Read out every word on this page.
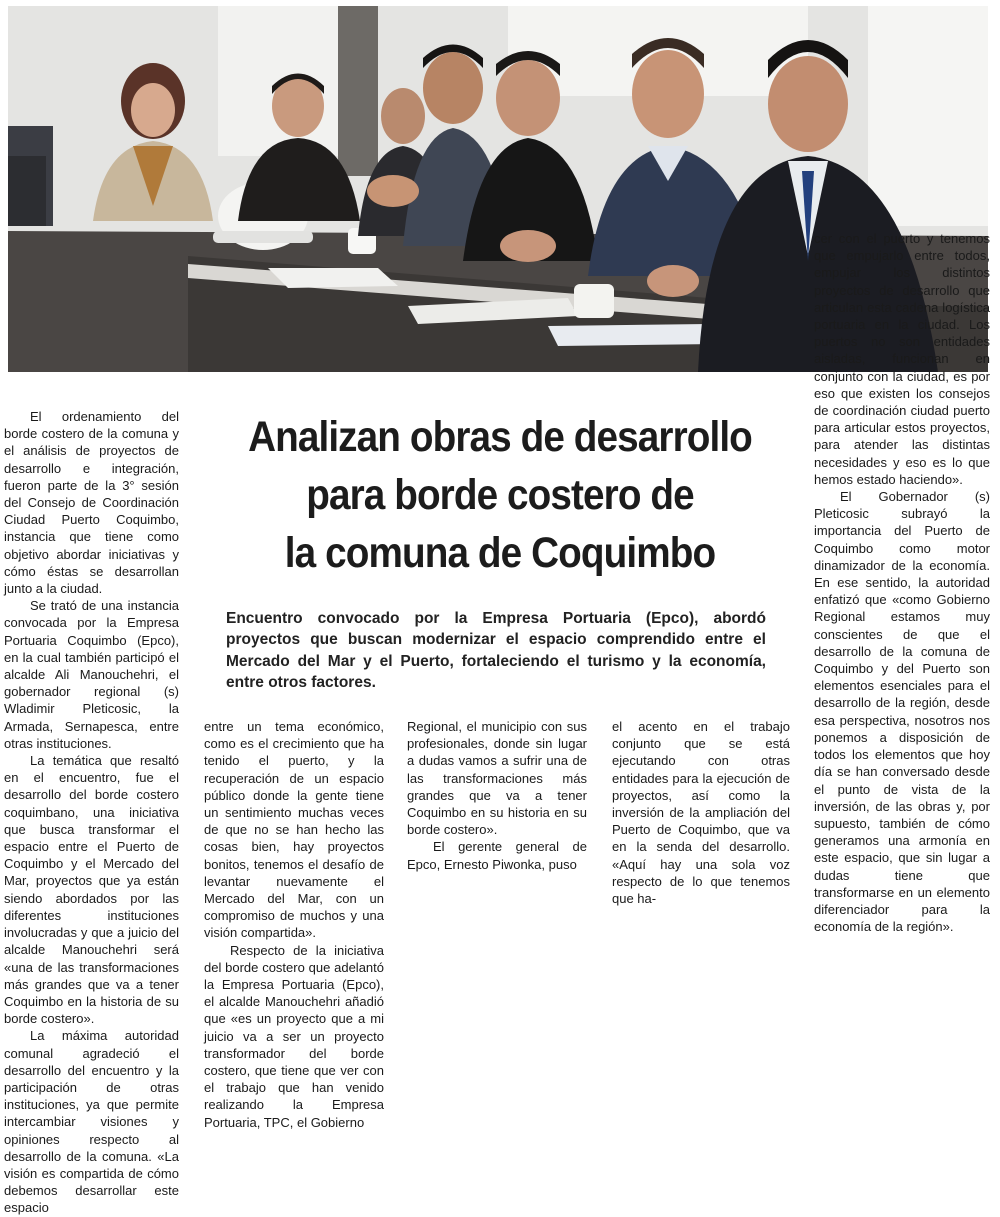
Analizan obras de desarrollo
para borde costero de
la comuna de Coquimbo
Encuentro convocado por la Empresa Portuaria (Epco), abordó proyectos que buscan modernizar el espacio comprendido entre el Mercado del Mar y el Puerto, fortaleciendo el turismo y la economía, entre otros factores.

El ordenamiento del borde costero de la comuna y el análisis de proyectos de desarrollo e integración, fueron parte de la 3° sesión del Consejo de Coordinación Ciudad Puerto Coquimbo, instancia que tiene como objetivo abordar iniciativas y cómo éstas se desarrollan junto a la ciudad.

Se trató de una instancia convocada por la Empresa Portuaria Coquimbo (Epco), en la cual también participó el alcalde Ali Manouchehri, el gobernador regional (s) Wladimir Pleticosic, la Armada, Sernapesca, entre otras instituciones.

La temática que resaltó en el encuentro, fue el desarrollo del borde costero coquimbano, una iniciativa que busca transformar el espacio entre el Puerto de Coquimbo y el Mercado del Mar, proyectos que ya están siendo abordados por las diferentes instituciones involucradas y que a juicio del alcalde Manouchehri será «una de las transformaciones más grandes que va a tener Coquimbo en la historia de su borde costero».

La máxima autoridad comunal agradeció el desarrollo del encuentro y la participación de otras instituciones, ya que permite intercambiar visiones y opiniones respecto al desarrollo de la comuna. «La visión es compartida de cómo debemos desarrollar este espacio

entre un tema económico, como es el crecimiento que ha tenido el puerto, y la recuperación de un espacio público donde la gente tiene un sentimiento muchas veces de que no se han hecho las cosas bien, hay proyectos bonitos, tenemos el desafío de levantar nuevamente el Mercado del Mar, con un compromiso de muchos y una visión compartida».

Respecto de la iniciativa del borde costero que adelantó la Empresa Portuaria (Epco), el alcalde Manouchehri añadió que «es un proyecto que a mi juicio va a ser un proyecto transformador del borde costero, que tiene que ver con el trabajo que han venido realizando la Empresa Portuaria, TPC, el Gobierno

Regional, el municipio con sus profesionales, donde sin lugar a dudas vamos a sufrir una de las transformaciones más grandes que va a tener Coquimbo en su historia en su borde costero».

El gerente general de Epco, Ernesto Piwonka, puso

el acento en el trabajo conjunto que se está ejecutando con otras entidades para la ejecución de proyectos, así como la inversión de la ampliación del Puerto de Coquimbo, que va en la senda del desarrollo. «Aquí hay una sola voz respecto de lo que tenemos que ha-

cer con el puerto y tenemos que empujarlo entre todos, empujar los distintos proyectos de desarrollo que articulan esta cadena logística portuaria en la ciudad. Los puertos no son entidades aisladas, funcionan en conjunto con la ciudad, es por eso que existen los consejos de coordinación ciudad puerto para articular estos proyectos, para atender las distintas necesidades y eso es lo que hemos estado haciendo».

El Gobernador (s) Pleticosic subrayó la importancia del Puerto de Coquimbo como motor dinamizador de la economía. En ese sentido, la autoridad enfatizó que «como Gobierno Regional estamos muy conscientes de que el desarrollo de la comuna de Coquimbo y del Puerto son elementos esenciales para el desarrollo de la región, desde esa perspectiva, nosotros nos ponemos a disposición de todos los elementos que hoy día se han conversado desde el punto de vista de la inversión, de las obras y, por supuesto, también de cómo generamos una armonía en este espacio, que sin lugar a dudas tiene que transformarse en un elemento diferenciador para la economía de la región».
